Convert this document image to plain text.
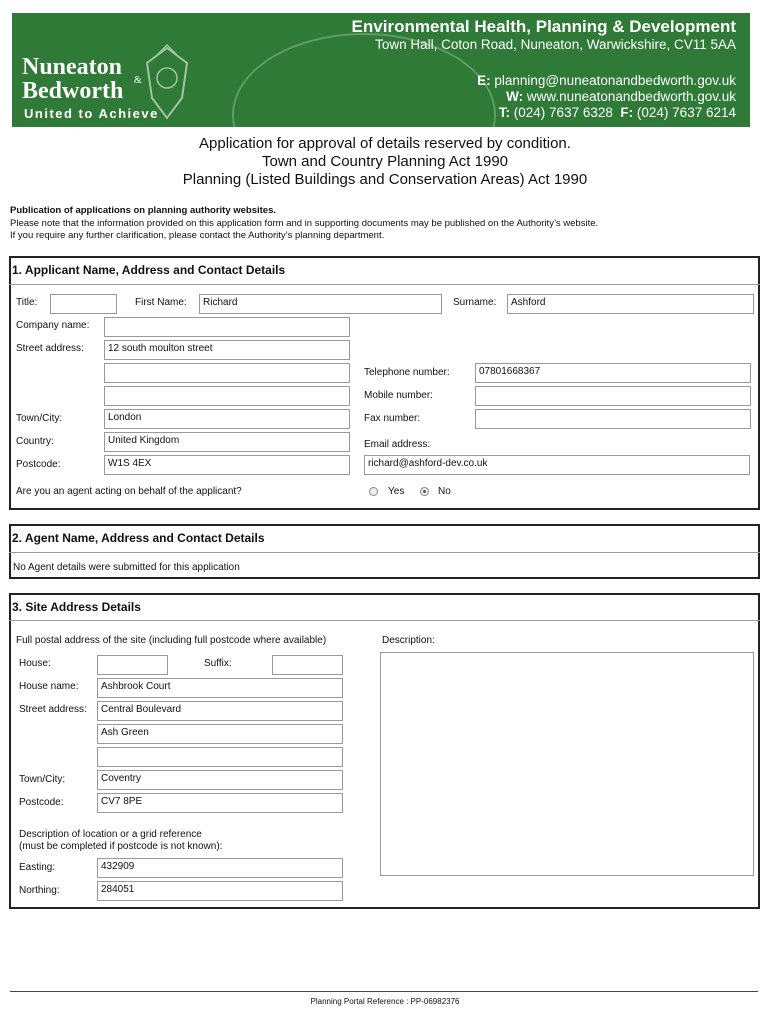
Nuneaton
&
Bedworth
United to Achieve
Environmental Health, Planning & Development
Town Hall, Coton Road, Nuneaton, Warwickshire, CV11 5AA
E: planning@nuneatonandbedworth.gov.uk
W: www.nuneatonandbedworth.gov.uk
T: (024) 7637 6328 F: (024) 7637 6214
Application for approval of details reserved by condition.
Town and Country Planning Act 1990
Planning (Listed Buildings and Conservation Areas) Act 1990
Publication of applications on planning authority websites.
Please note that the information provided on this application form and in supporting documents may be published on the Authority’s website.
If you require any further clarification, please contact the Authority’s planning department.
1. Applicant Name, Address and Contact Details
Title:	First Name:	Richard	Surname:	Ashford
Company name:
Street address:	12 south moulton street
Town/City:	London
Country:	United Kingdom
Postcode:	W1S 4EX
Telephone number:	07801668367
Mobile number:
Fax number:
Email address:
richard@ashford-dev.co.uk
Are you an agent acting on behalf of the applicant?	Yes	No
2. Agent Name, Address and Contact Details
No Agent details were submitted for this application
3. Site Address Details
Full postal address of the site (including full postcode where available)	Description:
House:	Suffix:
House name:	Ashbrook Court
Street address:	Central Boulevard
Ash Green
Town/City:	Coventry
Postcode:	CV7 8PE
Description of location or a grid reference
(must be completed if postcode is not known):
Easting:	432909
Northing:	284051
Planning Portal Reference : PP-06982376
